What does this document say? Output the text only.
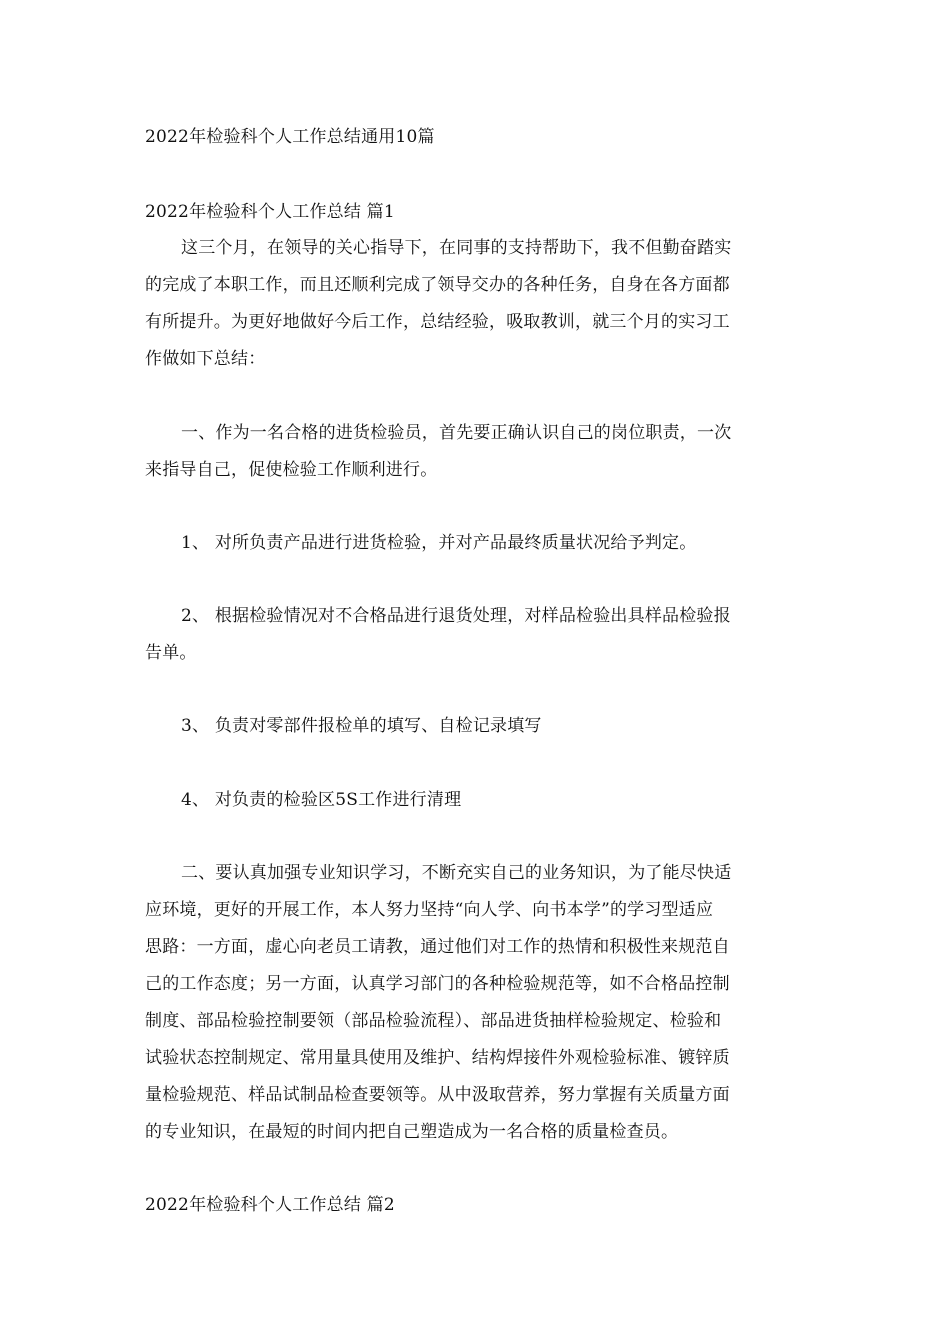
2022年检验科个人工作总结通用10篇
2022年检验科个人工作总结 篇1
这三个月，在领导的关心指导下，在同事的支持帮助下，我不但勤奋踏实
的完成了本职工作，而且还顺利完成了领导交办的各种任务，自身在各方面都
有所提升。为更好地做好今后工作，总结经验，吸取教训，就三个月的实习工
作做如下总结：
一、作为一名合格的进货检验员，首先要正确认识自己的岗位职责，一次
来指导自己，促使检验工作顺利进行。
1、 对所负责产品进行进货检验，并对产品最终质量状况给予判定。
2、 根据检验情况对不合格品进行退货处理，对样品检验出具样品检验报
告单。
3、 负责对零部件报检单的填写、自检记录填写
4、 对负责的检验区5S工作进行清理
二、要认真加强专业知识学习，不断充实自己的业务知识，为了能尽快适
应环境，更好的开展工作，本人努力坚持“向人学、向书本学”的学习型适应
思路：一方面，虚心向老员工请教，通过他们对工作的热情和积极性来规范自
己的工作态度；另一方面，认真学习部门的各种检验规范等，如不合格品控制
制度、部品检验控制要领（部品检验流程）、部品进货抽样检验规定、检验和
试验状态控制规定、常用量具使用及维护、结构焊接件外观检验标准、镀锌质
量检验规范、样品试制品检查要领等。从中汲取营养，努力掌握有关质量方面
的专业知识，在最短的时间内把自己塑造成为一名合格的质量检查员。
2022年检验科个人工作总结 篇2
